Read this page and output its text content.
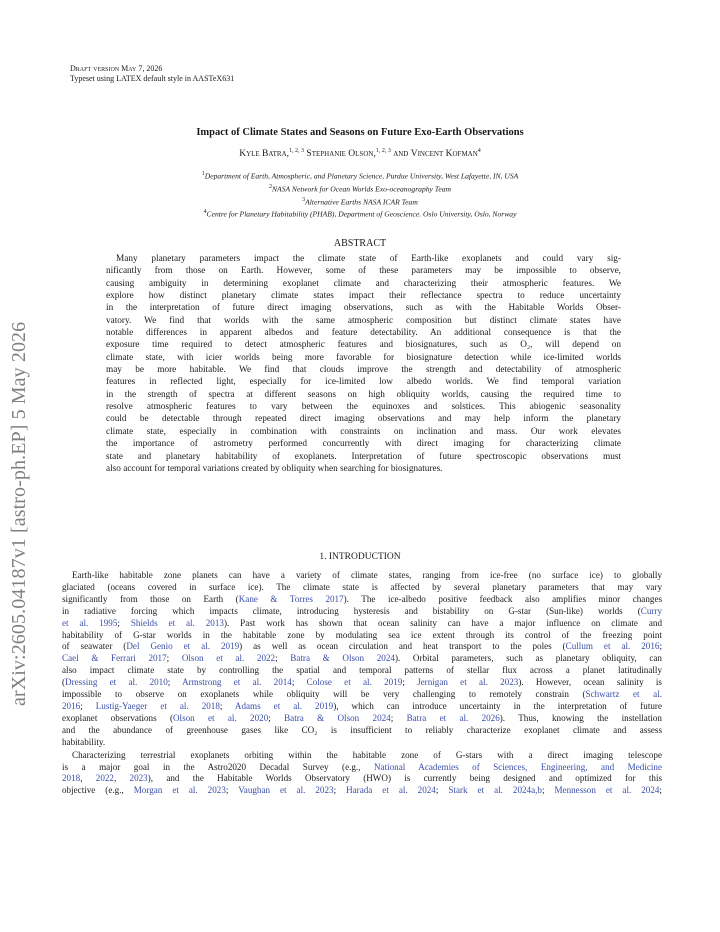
Draft version May 7, 2026
Typeset using LATEX default style in AASTeX631
arXiv:2605.04187v1 [astro-ph.EP] 5 May 2026
Impact of Climate States and Seasons on Future Exo-Earth Observations
Kyle Batra,$^{1, 2, 3}$ Stephanie Olson,$^{1, 2, 3}$ and Vincent Kofman$^4$
$^1$Department of Earth, Atmospheric, and Planetary Science, Purdue University, West Lafayette, IN, USA
$^2$NASA Network for Ocean Worlds Exo-oceanography Team
$^3$Alternative Earths NASA ICAR Team
$^4$Centre for Planetary Habitability (PHAB), Department of Geoscience. Oslo University, Oslo, Norway
ABSTRACT
Many planetary parameters impact the climate state of Earth-like exoplanets and could vary sig-
nificantly from those on Earth. However, some of these parameters may be impossible to observe,
causing ambiguity in determining exoplanet climate and characterizing their atmospheric features. We
explore how distinct planetary climate states impact their reflectance spectra to reduce uncertainty
in the interpretation of future direct imaging observations, such as with the Habitable Worlds Obser-
vatory. We find that worlds with the same atmospheric composition but distinct climate states have
notable differences in apparent albedos and feature detectability. An additional consequence is that the
exposure time required to detect atmospheric features and biosignatures, such as O₂, will depend on
climate state, with icier worlds being more favorable for biosignature detection while ice-limited worlds
may be more habitable. We find that clouds improve the strength and detectability of atmospheric
features in reflected light, especially for ice-limited low albedo worlds. We find temporal variation
in the strength of spectra at different seasons on high obliquity worlds, causing the required time to
resolve atmospheric features to vary between the equinoxes and solstices. This abiogenic seasonality
could be detectable through repeated direct imaging observations and may help inform the planetary
climate state, especially in combination with constraints on inclination and mass. Our work elevates
the importance of astrometry performed concurrently with direct imaging for characterizing climate
state and planetary habitability of exoplanets. Interpretation of future spectroscopic observations must
also account for temporal variations created by obliquity when searching for biosignatures.
1. INTRODUCTION
Earth-like habitable zone planets can have a variety of climate states, ranging from ice-free (no surface ice) to globally
glaciated (oceans covered in surface ice). The climate state is affected by several planetary parameters that may vary
significantly from those on Earth (Kane & Torres 2017). The ice-albedo positive feedback also amplifies minor changes
in radiative forcing which impacts climate, introducing hysteresis and bistability on G-star (Sun-like) worlds (Curry
et al. 1995; Shields et al. 2013). Past work has shown that ocean salinity can have a major influence on climate and
habitability of G-star worlds in the habitable zone by modulating sea ice extent through its control of the freezing point
of seawater (Del Genio et al. 2019) as well as ocean circulation and heat transport to the poles (Cullum et al. 2016;
Cael & Ferrari 2017; Olson et al. 2022; Batra & Olson 2024). Orbital parameters, such as planetary obliquity, can
also impact climate state by controlling the spatial and temporal patterns of stellar flux across a planet latitudinally
(Dressing et al. 2010; Armstrong et al. 2014; Colose et al. 2019; Jernigan et al. 2023). However, ocean salinity is
impossible to observe on exoplanets while obliquity will be very challenging to remotely constrain (Schwartz et al.
2016; Lustig-Yaeger et al. 2018; Adams et al. 2019), which can introduce uncertainty in the interpretation of future
exoplanet observations (Olson et al. 2020; Batra & Olson 2024; Batra et al. 2026). Thus, knowing the instellation
and the abundance of greenhouse gases like CO₂ is insufficient to reliably characterize exoplanet climate and assess
habitability.
Characterizing terrestrial exoplanets orbiting within the habitable zone of G-stars with a direct imaging telescope
is a major goal in the Astro2020 Decadal Survey (e.g., National Academies of Sciences, Engineering, and Medicine
2018, 2022, 2023), and the Habitable Worlds Observatory (HWO) is currently being designed and optimized for this
objective (e.g., Morgan et al. 2023; Vaughan et al. 2023; Harada et al. 2024; Stark et al. 2024a,b; Mennesson et al. 2024;
